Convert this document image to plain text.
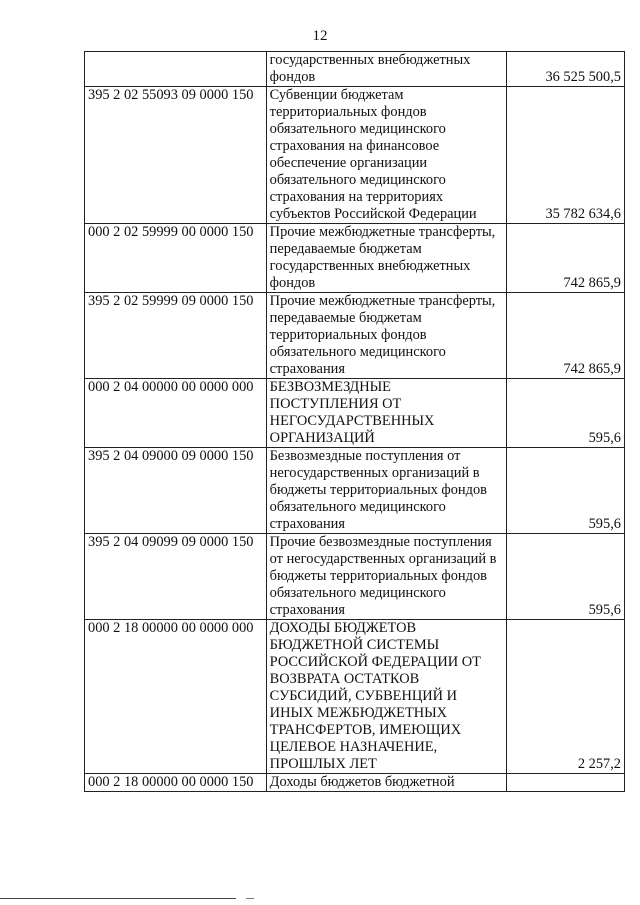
12
	государственных внебюджетных фондов	36 525 500,5
395 2 02 55093 09 0000 150	Субвенции бюджетам территориальных фондов обязательного медицинского страхования на финансовое обеспечение организации обязательного медицинского страхования на территориях субъектов Российской Федерации	35 782 634,6
000 2 02 59999 00 0000 150	Прочие межбюджетные трансферты, передаваемые бюджетам государственных внебюджетных фондов	742 865,9
395 2 02 59999 09 0000 150	Прочие межбюджетные трансферты, передаваемые бюджетам территориальных фондов обязательного медицинского страхования	742 865,9
000 2 04 00000 00 0000 000	БЕЗВОЗМЕЗДНЫЕ ПОСТУПЛЕНИЯ ОТ НЕГОСУДАРСТВЕННЫХ ОРГАНИЗАЦИЙ	595,6
395 2 04 09000 09 0000 150	Безвозмездные поступления от негосударственных организаций в бюджеты территориальных фондов обязательного медицинского страхования	595,6
395 2 04 09099 09 0000 150	Прочие безвозмездные поступления от негосударственных организаций в бюджеты территориальных фондов обязательного медицинского страхования	595,6
000 2 18 00000 00 0000 000	ДОХОДЫ БЮДЖЕТОВ БЮДЖЕТНОЙ СИСТЕМЫ РОССИЙСКОЙ ФЕДЕРАЦИИ ОТ ВОЗВРАТА ОСТАТКОВ СУБСИДИЙ, СУБВЕНЦИЙ И ИНЫХ МЕЖБЮДЖЕТНЫХ ТРАНСФЕРТОВ, ИМЕЮЩИХ ЦЕЛЕВОЕ НАЗНАЧЕНИЕ, ПРОШЛЫХ ЛЕТ	2 257,2
000 2 18 00000 00 0000 150	Доходы бюджетов бюджетной	
